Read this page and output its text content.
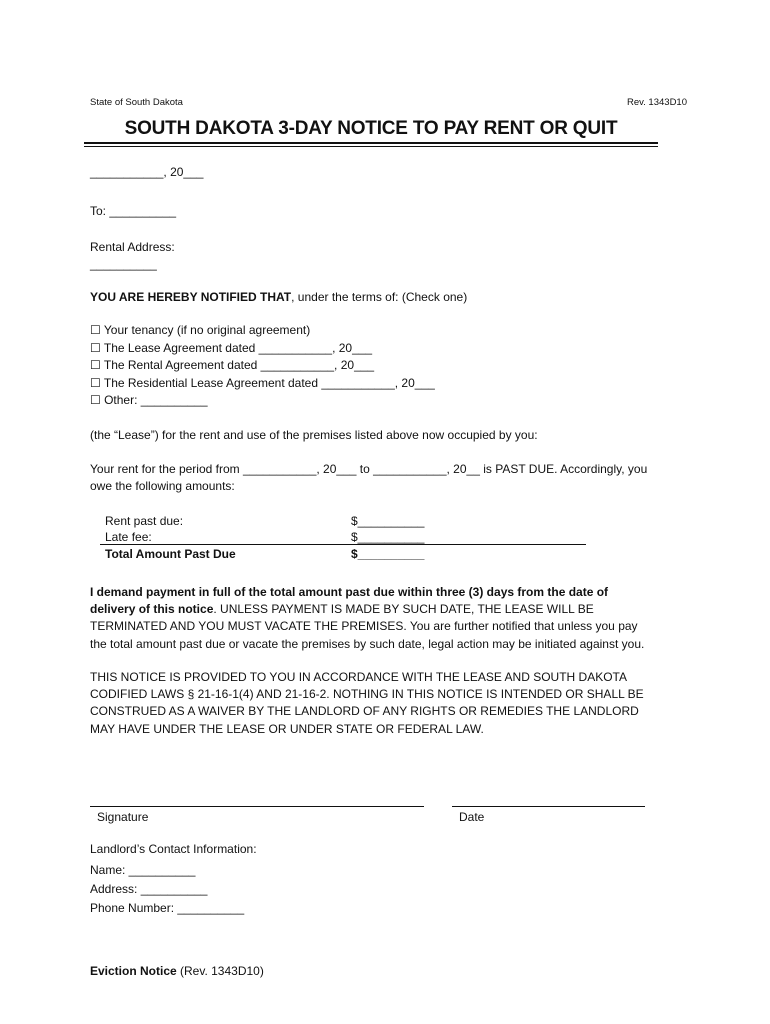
State of South Dakota	Rev. 1343D10
SOUTH DAKOTA 3-DAY NOTICE TO PAY RENT OR QUIT
___________, 20___
To: __________
Rental Address:
__________
YOU ARE HEREBY NOTIFIED THAT, under the terms of: (Check one)
☐ Your tenancy (if no original agreement)
☐ The Lease Agreement dated ___________, 20___
☐ The Rental Agreement dated ___________, 20___
☐ The Residential Lease Agreement dated ___________, 20___
☐ Other: __________
(the “Lease”) for the rent and use of the premises listed above now occupied by you:
Your rent for the period from ___________, 20___ to ___________, 20__ is PAST DUE. Accordingly, you
owe the following amounts:
Rent past due:	$__________
Late fee:	$__________
Total Amount Past Due	$__________
I demand payment in full of the total amount past due within three (3) days from the date of
delivery of this notice. UNLESS PAYMENT IS MADE BY SUCH DATE, THE LEASE WILL BE
TERMINATED AND YOU MUST VACATE THE PREMISES. You are further notified that unless you pay
the total amount past due or vacate the premises by such date, legal action may be initiated against you.
THIS NOTICE IS PROVIDED TO YOU IN ACCORDANCE WITH THE LEASE AND SOUTH DAKOTA
CODIFIED LAWS § 21-16-1(4) AND 21-16-2. NOTHING IN THIS NOTICE IS INTENDED OR SHALL BE
CONSTRUED AS A WAIVER BY THE LANDLORD OF ANY RIGHTS OR REMEDIES THE LANDLORD
MAY HAVE UNDER THE LEASE OR UNDER STATE OR FEDERAL LAW.
Signature	Date
Landlord’s Contact Information:
Name: __________
Address: __________
Phone Number: __________
Eviction Notice (Rev. 1343D10)
